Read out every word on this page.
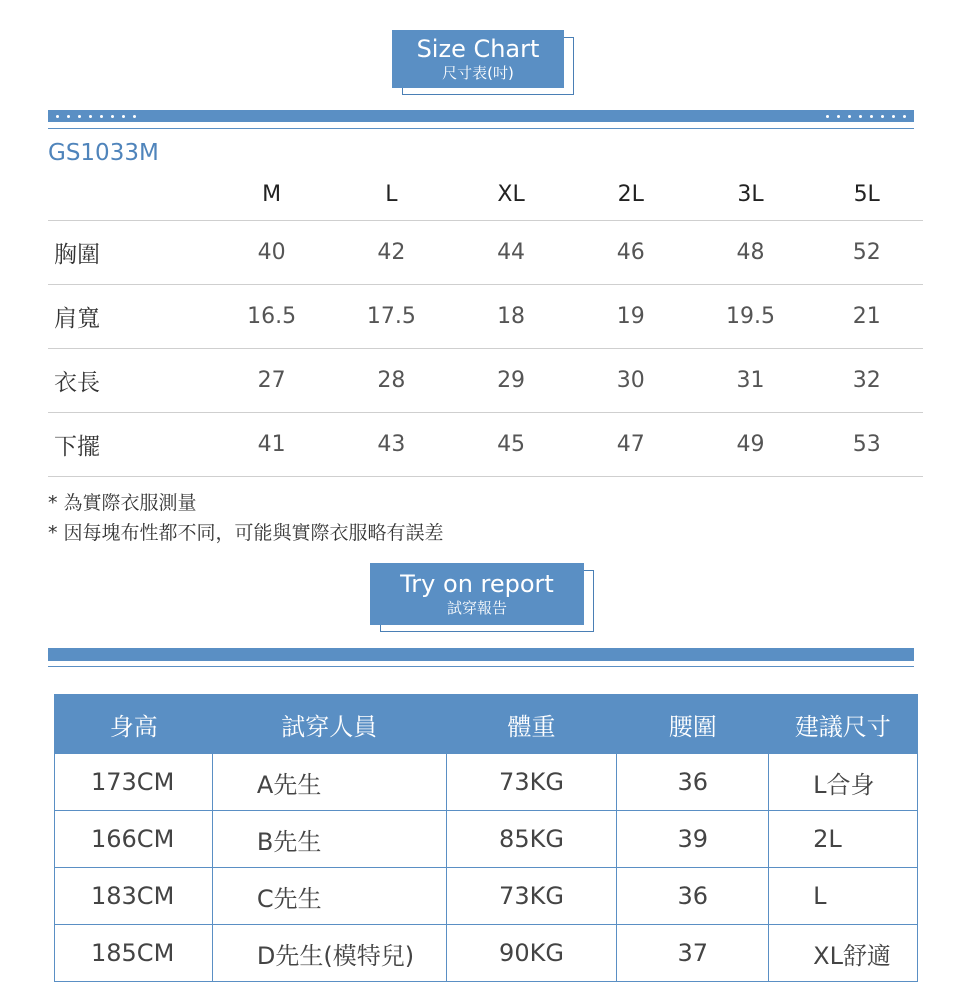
Size Chart
尺寸表(吋)
GS1033M
	M	L	XL	2L	3L	5L
胸圍	40	42	44	46	48	52
肩寬	16.5	17.5	18	19	19.5	21
衣長	27	28	29	30	31	32
下擺	41	43	45	47	49	53
* 為實際衣服測量
* 因每塊布性都不同，可能與實際衣服略有誤差
Try on report
試穿報告
身高	試穿人員	體重	腰圍	建議尺寸
173CM	A先生	73KG	36	L合身
166CM	B先生	85KG	39	2L
183CM	C先生	73KG	36	L
185CM	D先生(模特兒)	90KG	37	XL舒適
